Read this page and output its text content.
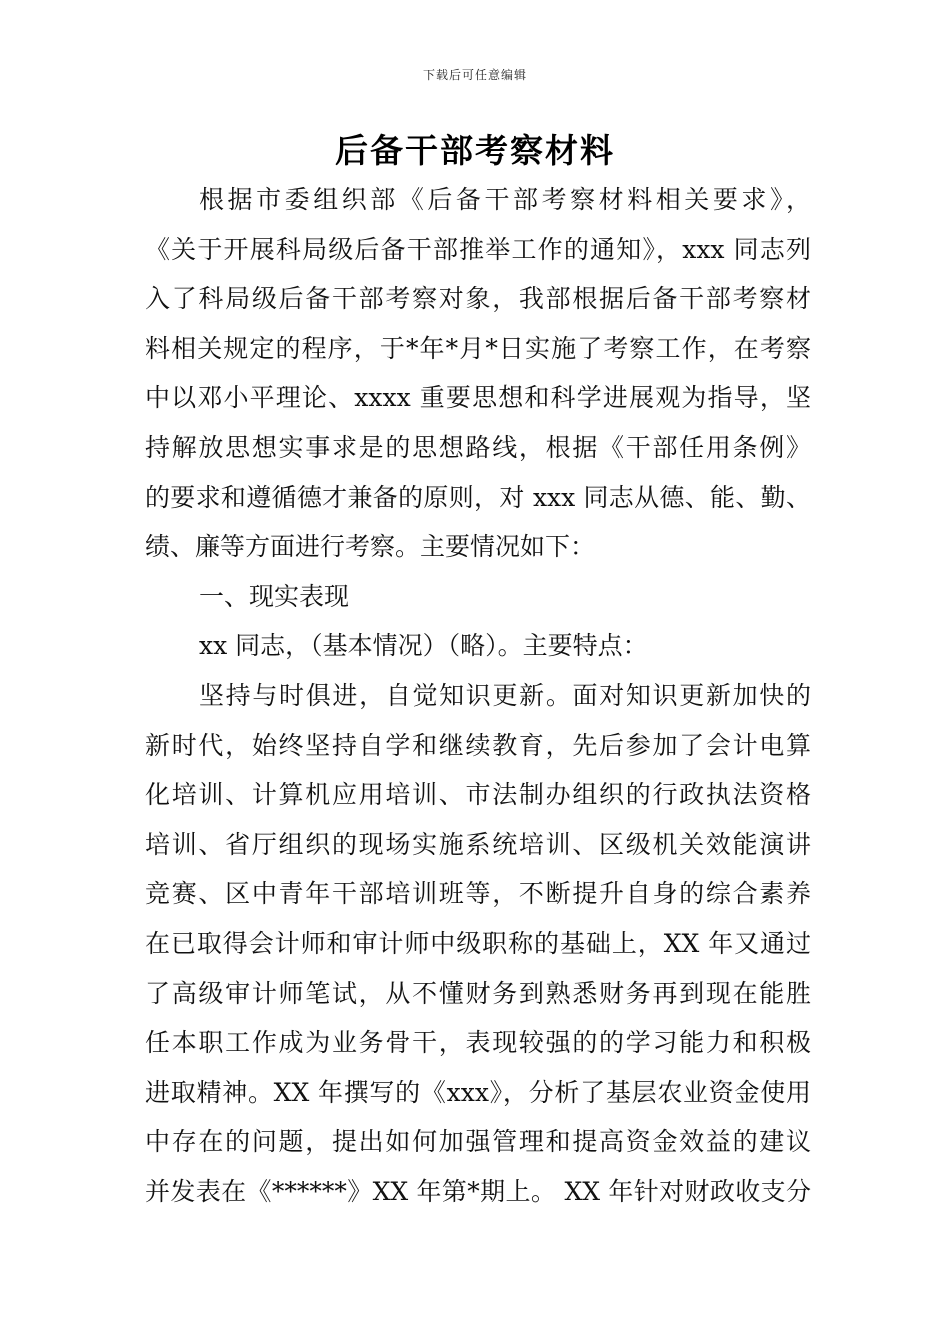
下载后可任意编辑
后备干部考察材料
根据市委组织部《后备干部考察材料相关要求》，
《关于开展科局级后备干部推举工作的通知》，xxx 同志列
入了科局级后备干部考察对象，我部根据后备干部考察材
料相关规定的程序，于*年*月*日实施了考察工作，在考察
中以邓小平理论、xxxx 重要思想和科学进展观为指导，坚
持解放思想实事求是的思想路线，根据《干部任用条例》
的要求和遵循德才兼备的原则，对 xxx 同志从德、能、勤、
绩、廉等方面进行考察。主要情况如下：
一、现实表现
xx 同志，（基本情况）（略）。主要特点：
坚持与时俱进，自觉知识更新。面对知识更新加快的
新时代，始终坚持自学和继续教育，先后参加了会计电算
化培训、计算机应用培训、市法制办组织的行政执法资格
培训、省厅组织的现场实施系统培训、区级机关效能演讲
竞赛、区中青年干部培训班等，不断提升自身的综合素养
在已取得会计师和审计师中级职称的基础上，XX 年又通过
了高级审计师笔试，从不懂财务到熟悉财务再到现在能胜
任本职工作成为业务骨干，表现较强的的学习能力和积极
进取精神。XX 年撰写的《xxx》，分析了基层农业资金使用
中存在的问题，提出如何加强管理和提高资金效益的建议
并发表在《******》XX 年第*期上。 XX 年针对财政收支分
